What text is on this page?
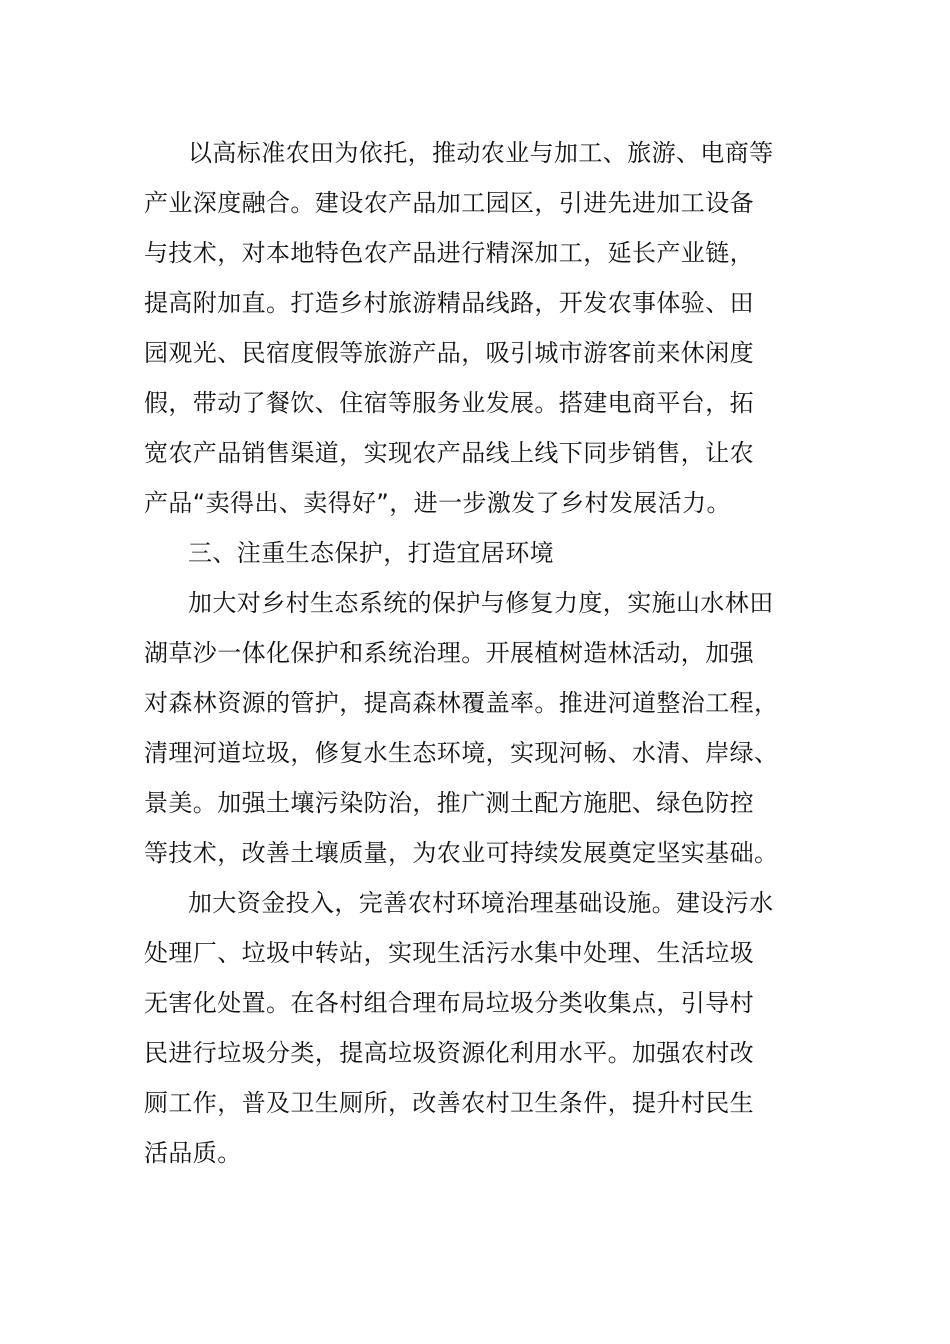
以高标准农田为依托，推动农业与加工、旅游、电商等
产业深度融合。建设农产品加工园区，引进先进加工设备
与技术，对本地特色农产品进行精深加工，延长产业链，
提高附加直。打造乡村旅游精品线路，开发农事体验、田
园观光、民宿度假等旅游产品，吸引城市游客前来休闲度
假，带动了餐饮、住宿等服务业发展。搭建电商平台，拓
宽农产品销售渠道，实现农产品线上线下同步销售，让农
产品“卖得出、卖得好”，进一步激发了乡村发展活力。
三、注重生态保护，打造宜居环境
加大对乡村生态系统的保护与修复力度，实施山水林田
湖草沙一体化保护和系统治理。开展植树造林活动，加强
对森林资源的管护，提高森林覆盖率。推进河道整治工程，
清理河道垃圾，修复水生态环境，实现河畅、水清、岸绿、
景美。加强土壤污染防治，推广测土配方施肥、绿色防控
等技术，改善土壤质量，为农业可持续发展奠定坚实基础。
加大资金投入，完善农村环境治理基础设施。建设污水
处理厂、垃圾中转站，实现生活污水集中处理、生活垃圾
无害化处置。在各村组合理布局垃圾分类收集点，引导村
民进行垃圾分类，提高垃圾资源化利用水平。加强农村改
厕工作，普及卫生厕所，改善农村卫生条件，提升村民生
活品质。
